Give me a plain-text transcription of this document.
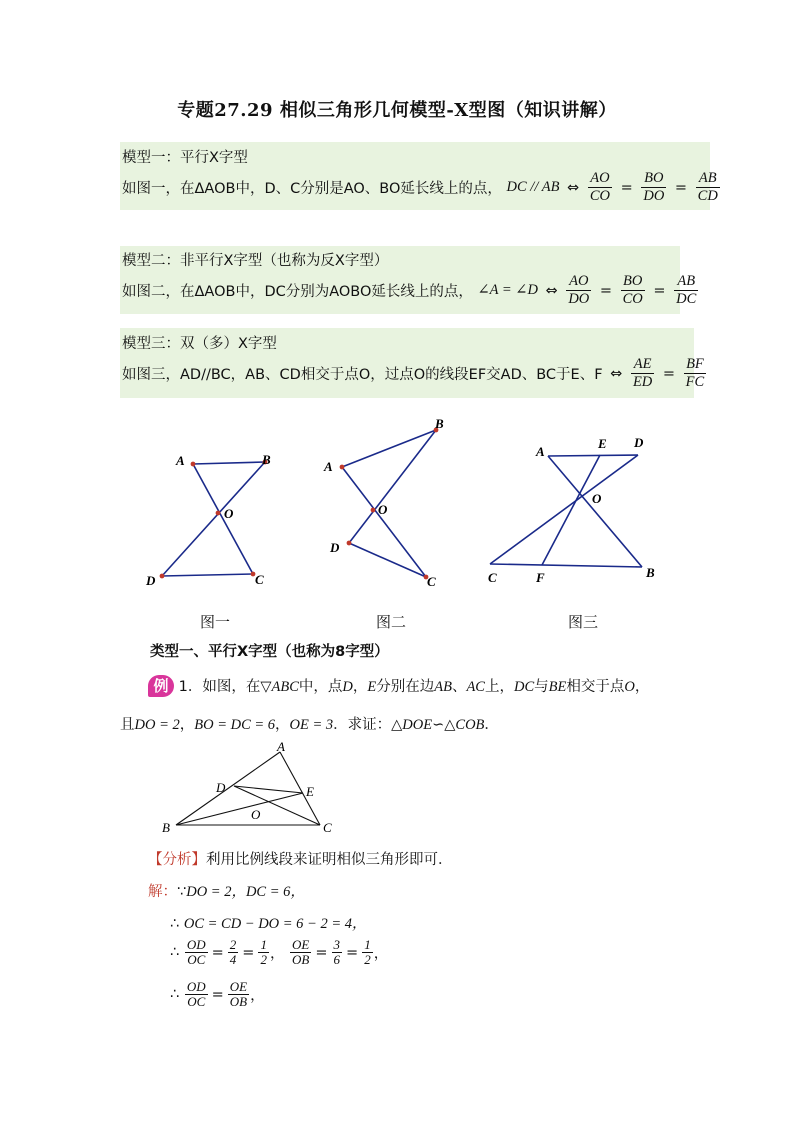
专题27.29 相似三角形几何模型-X型图（知识讲解）
模型一：平行X字型
如图一，在ΔAOB中，D、C分别是AO、BO延长线上的点， DC // AB ⇔ $\frac{AO}{CO} = \frac{BO}{DO} = \frac{AB}{CD}$
模型二：非平行X字型（也称为反X字型）
如图二，在ΔAOB中，DC分别为AOBO延长线上的点， ∠A = ∠D ⇔ $\frac{AO}{DO} = \frac{BO}{CO} = \frac{AB}{DC}$
模型三：双（多）X字型
如图三，AD//BC，AB、CD相交于点O，过点O的线段EF交AD、BC于E、F ⇔ $\frac{AE}{ED} = \frac{BF}{FC}$
A	B
O
D	C
A
B
O
D
C
A
E D
O
C	F	B
图一	图二	图三
类型一、平行X字型（也称为8字型）
例 1．如图，在▽ABC中，点D，E分别在边AB、AC上，DC与BE相交于点O，
且DO = 2，BO = DC = 6，OE = 3．求证：△DOE∽△COB．
A
D	E
O
B	C
【分析】利用比例线段来证明相似三角形即可．
解：∵DO = 2，DC = 6，
∴ OC = CD − DO = 6 − 2 = 4，
∴ $\frac{OD}{OC} = \frac{2}{4} = \frac{1}{2}$ ， $\frac{OE}{OB} = \frac{3}{6} = \frac{1}{2}$ ，
∴ $\frac{OD}{OC} = \frac{OE}{OB}$ ，
